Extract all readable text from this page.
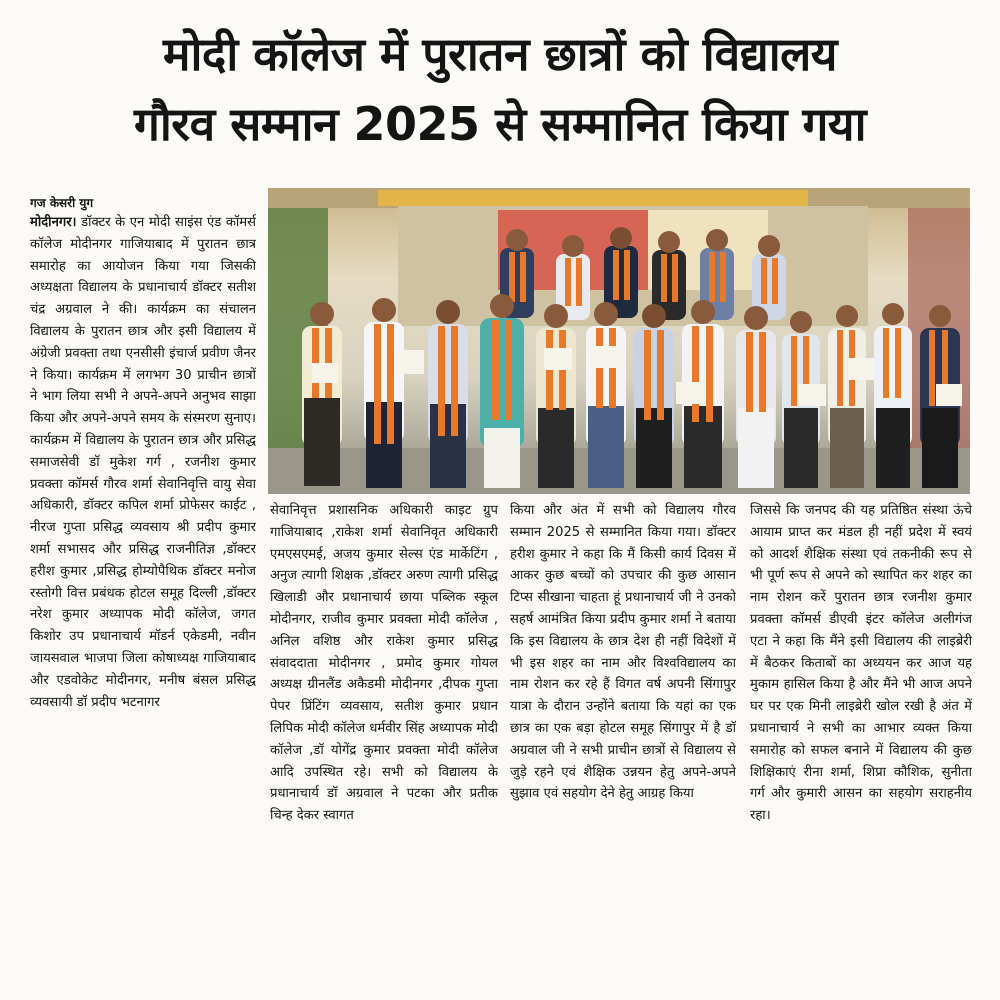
मोदी कॉलेज में पुरातन छात्रों को विद्यालय
गौरव सम्मान 2025 से सम्मानित किया गया
गज केसरी युग
मोदीनगर। डॉक्टर के एन मोदी साइंस एंड कॉमर्स कॉलेज मोदीनगर गाजियाबाद में पुरातन छात्र समारोह का आयोजन किया गया जिसकी अध्यक्षता विद्यालय के प्रधानाचार्य डॉक्टर सतीश चंद्र अग्रवाल ने की। कार्यक्रम का संचालन विद्यालय के पुरातन छात्र और इसी विद्यालय में अंग्रेजी प्रवक्ता तथा एनसीसी इंचार्ज प्रवीण जैनर ने किया। कार्यक्रम में लगभग 30 प्राचीन छात्रों ने भाग लिया सभी ने अपने-अपने अनुभव साझा किया और अपने-अपने समय के संस्मरण सुनाए। कार्यक्रम में विद्यालय के पुरातन छात्र और प्रसिद्ध समाजसेवी डॉ मुकेश गर्ग , रजनीश कुमार प्रवक्ता कॉमर्स गौरव शर्मा सेवानिवृत्ति वायु सेवा अधिकारी, डॉक्टर कपिल शर्मा प्रोफेसर काईट , नीरज गुप्ता प्रसिद्ध व्यवसाय श्री प्रदीप कुमार शर्मा सभासद और प्रसिद्ध राजनीतिज्ञ ,डॉक्टर हरीश कुमार ,प्रसिद्ध होम्योपैथिक डॉक्टर मनोज रस्तोगी वित्त प्रबंधक होटल समूह दिल्ली ,डॉक्टर नरेश कुमार अध्यापक मोदी कॉलेज, जगत किशोर उप प्रधानाचार्य मॉडर्न एकेडमी, नवीन जायसवाल भाजपा जिला कोषाध्यक्ष गाजियाबाद और एडवोकेट मोदीनगर, मनीष बंसल प्रसिद्ध व्यवसायी डॉ प्रदीप भटनागर
सेवानिवृत्त प्रशासनिक अधिकारी काइट ग्रुप गाजियाबाद ,राकेश शर्मा सेवानिवृत अधिकारी एमएसएमई, अजय कुमार सेल्स एंड मार्केटिंग , अनुज त्यागी शिक्षक ,डॉक्टर अरुण त्यागी प्रसिद्ध खिलाडी और प्रधानाचार्य छाया पब्लिक स्कूल मोदीनगर, राजीव कुमार प्रवक्ता मोदी कॉलेज , अनिल वशिष्ठ और राकेश कुमार प्रसिद्ध संवाददाता मोदीनगर , प्रमोद कुमार गोयल अध्यक्ष ग्रीनलैंड अकैडमी मोदीनगर ,दीपक गुप्ता पेपर प्रिंटिंग व्यवसाय, सतीश कुमार प्रधान लिपिक मोदी कॉलेज धर्मवीर सिंह अध्यापक मोदी कॉलेज ,डॉ योगेंद्र कुमार प्रवक्ता मोदी कॉलेज आदि उपस्थित रहे। सभी को विद्यालय के प्रधानाचार्य डॉ अग्रवाल ने पटका और प्रतीक चिन्ह देकर स्वागत
किया और अंत में सभी को विद्यालय गौरव सम्मान 2025 से सम्मानित किया गया। डॉक्टर हरीश कुमार ने कहा कि मैं किसी कार्य दिवस में आकर कुछ बच्चों को उपचार की कुछ आसान टिप्स सीखाना चाहता हूं प्रधानाचार्य जी ने उनको सहर्ष आमंत्रित किया प्रदीप कुमार शर्मा ने बताया कि इस विद्यालय के छात्र देश ही नहीं विदेशों में भी इस शहर का नाम और विश्वविद्यालय का नाम रोशन कर रहे हैं विगत वर्ष अपनी सिंगापुर यात्रा के दौरान उन्होंने बताया कि यहां का एक छात्र का एक बड़ा होटल समूह सिंगापुर में है डॉ अग्रवाल जी ने सभी प्राचीन छात्रों से विद्यालय से जुड़े रहने एवं शैक्षिक उन्नयन हेतु अपने-अपने सुझाव एवं सहयोग देने हेतु आग्रह किया
जिससे कि जनपद की यह प्रतिष्ठित संस्था ऊंचे आयाम प्राप्त कर मंडल ही नहीं प्रदेश में स्वयं को आदर्श शैक्षिक संस्था एवं तकनीकी रूप से भी पूर्ण रूप से अपने को स्थापित कर शहर का नाम रोशन करें पुरातन छात्र रजनीश कुमार प्रवक्ता कॉमर्स डीएवी इंटर कॉलेज अलीगंज एटा ने कहा कि मैंने इसी विद्यालय की लाइब्रेरी में बैठकर किताबों का अध्ययन कर आज यह मुकाम हासिल किया है और मैंने भी आज अपने घर पर एक मिनी लाइब्रेरी खोल रखी है अंत में प्रधानाचार्य ने सभी का आभार व्यक्त किया समारोह को सफल बनाने में विद्यालय की कुछ शिक्षिकाएं रीना शर्मा, शिप्रा कौशिक, सुनीता गर्ग और कुमारी आसन का सहयोग सराहनीय रहा।
